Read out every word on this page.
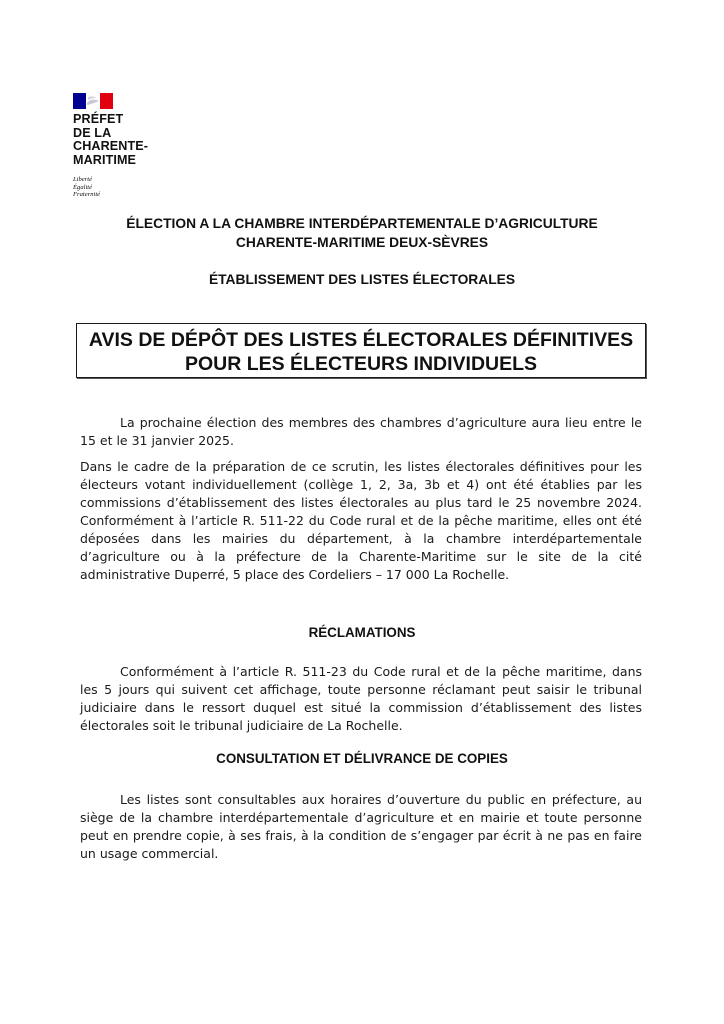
PRÉFET
DE LA
CHARENTE-
MARITIME
Liberté
Égalité
Fraternité
ÉLECTION A LA CHAMBRE INTERDÉPARTEMENTALE D’AGRICULTURE
CHARENTE-MARITIME DEUX-SÈVRES
ÉTABLISSEMENT DES LISTES ÉLECTORALES
AVIS DE DÉPÔT DES LISTES ÉLECTORALES DÉFINITIVES
POUR LES ÉLECTEURS INDIVIDUELS

La prochaine élection des membres des chambres d’agriculture aura lieu entre le 15 et le 31 janvier 2025.

Dans le cadre de la préparation de ce scrutin, les listes électorales définitives pour les électeurs votant individuellement (collège 1, 2, 3a, 3b et 4) ont été établies par les commissions d’établissement des listes électorales au plus tard le 25 novembre 2024. Conformément à l’article R. 511-22 du Code rural et de la pêche maritime, elles ont été déposées dans les mairies du département, à la chambre interdépartementale d’agriculture ou à la préfecture de la Charente-Maritime sur le site de la cité administrative Duperré, 5 place des Cordeliers – 17 000 La Rochelle.

RÉCLAMATIONS

Conformément à l’article R. 511-23 du Code rural et de la pêche maritime, dans les 5 jours qui suivent cet affichage, toute personne réclamant peut saisir le tribunal judiciaire dans le ressort duquel est situé la commission d’établissement des listes électorales soit le tribunal judiciaire de La Rochelle.

CONSULTATION ET DÉLIVRANCE DE COPIES

Les listes sont consultables aux horaires d’ouverture du public en préfecture, au siège de la chambre interdépartementale d’agriculture et en mairie et toute personne peut en prendre copie, à ses frais, à la condition de s’engager par écrit à ne pas en faire un usage commercial.
